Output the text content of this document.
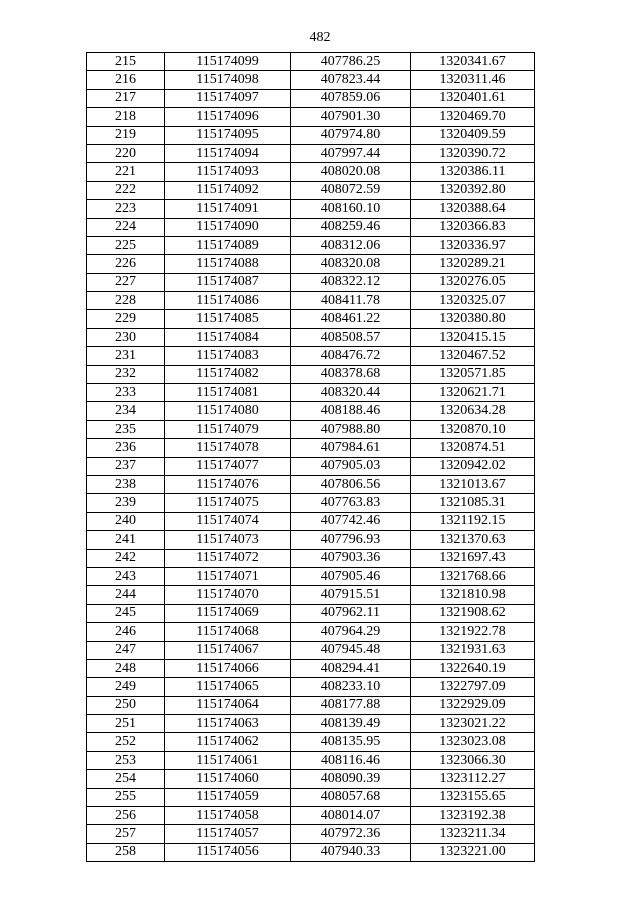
482
215	115174099	407786.25	1320341.67
216	115174098	407823.44	1320311.46
217	115174097	407859.06	1320401.61
218	115174096	407901.30	1320469.70
219	115174095	407974.80	1320409.59
220	115174094	407997.44	1320390.72
221	115174093	408020.08	1320386.11
222	115174092	408072.59	1320392.80
223	115174091	408160.10	1320388.64
224	115174090	408259.46	1320366.83
225	115174089	408312.06	1320336.97
226	115174088	408320.08	1320289.21
227	115174087	408322.12	1320276.05
228	115174086	408411.78	1320325.07
229	115174085	408461.22	1320380.80
230	115174084	408508.57	1320415.15
231	115174083	408476.72	1320467.52
232	115174082	408378.68	1320571.85
233	115174081	408320.44	1320621.71
234	115174080	408188.46	1320634.28
235	115174079	407988.80	1320870.10
236	115174078	407984.61	1320874.51
237	115174077	407905.03	1320942.02
238	115174076	407806.56	1321013.67
239	115174075	407763.83	1321085.31
240	115174074	407742.46	1321192.15
241	115174073	407796.93	1321370.63
242	115174072	407903.36	1321697.43
243	115174071	407905.46	1321768.66
244	115174070	407915.51	1321810.98
245	115174069	407962.11	1321908.62
246	115174068	407964.29	1321922.78
247	115174067	407945.48	1321931.63
248	115174066	408294.41	1322640.19
249	115174065	408233.10	1322797.09
250	115174064	408177.88	1322929.09
251	115174063	408139.49	1323021.22
252	115174062	408135.95	1323023.08
253	115174061	408116.46	1323066.30
254	115174060	408090.39	1323112.27
255	115174059	408057.68	1323155.65
256	115174058	408014.07	1323192.38
257	115174057	407972.36	1323211.34
258	115174056	407940.33	1323221.00
